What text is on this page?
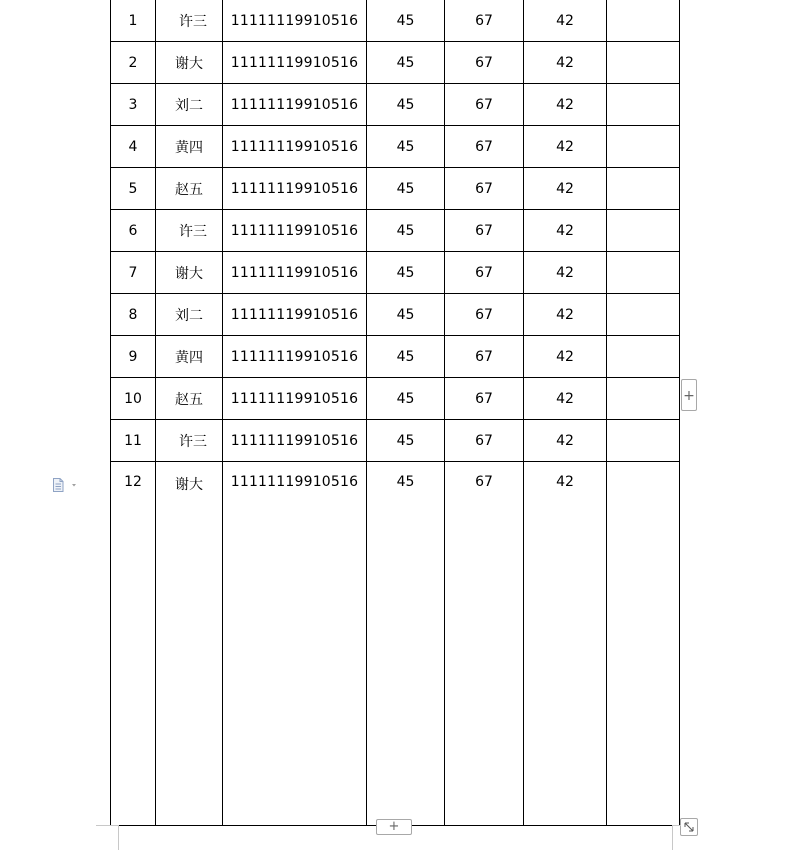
1	许三	11111119910516	45	67	42	
2	谢大	11111119910516	45	67	42	
3	刘二	11111119910516	45	67	42	
4	黄四	11111119910516	45	67	42	
5	赵五	11111119910516	45	67	42	
6	许三	11111119910516	45	67	42	
7	谢大	11111119910516	45	67	42	
8	刘二	11111119910516	45	67	42	
9	黄四	11111119910516	45	67	42	
10	赵五	11111119910516	45	67	42	
11	许三	11111119910516	45	67	42	
12	谢大	11111119910516	45	67	42	
+
+
